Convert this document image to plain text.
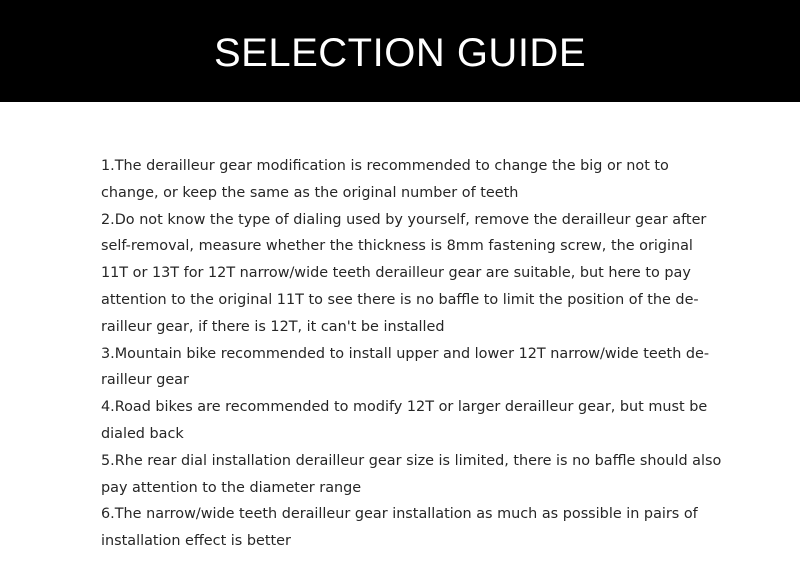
SELECTION GUIDE
1.The derailleur gear modification is recommended to change the big or not to
change, or keep the same as the original number of teeth
2.Do not know the type of dialing used by yourself, remove the derailleur gear after
self-removal, measure whether the thickness is 8mm fastening screw, the original
11T or 13T for 12T narrow/wide teeth derailleur gear are suitable, but here to pay
attention to the original 11T to see there is no baffle to limit the position of the de-
railleur gear, if there is 12T, it can't be installed
3.Mountain bike recommended to install upper and lower 12T narrow/wide teeth de-
railleur gear
4.Road bikes are recommended to modify 12T or larger derailleur gear, but must be
dialed back
5.Rhe rear dial installation derailleur gear size is limited, there is no baffle should also
pay attention to the diameter range
6.The narrow/wide teeth derailleur gear installation as much as possible in pairs of
installation effect is better
